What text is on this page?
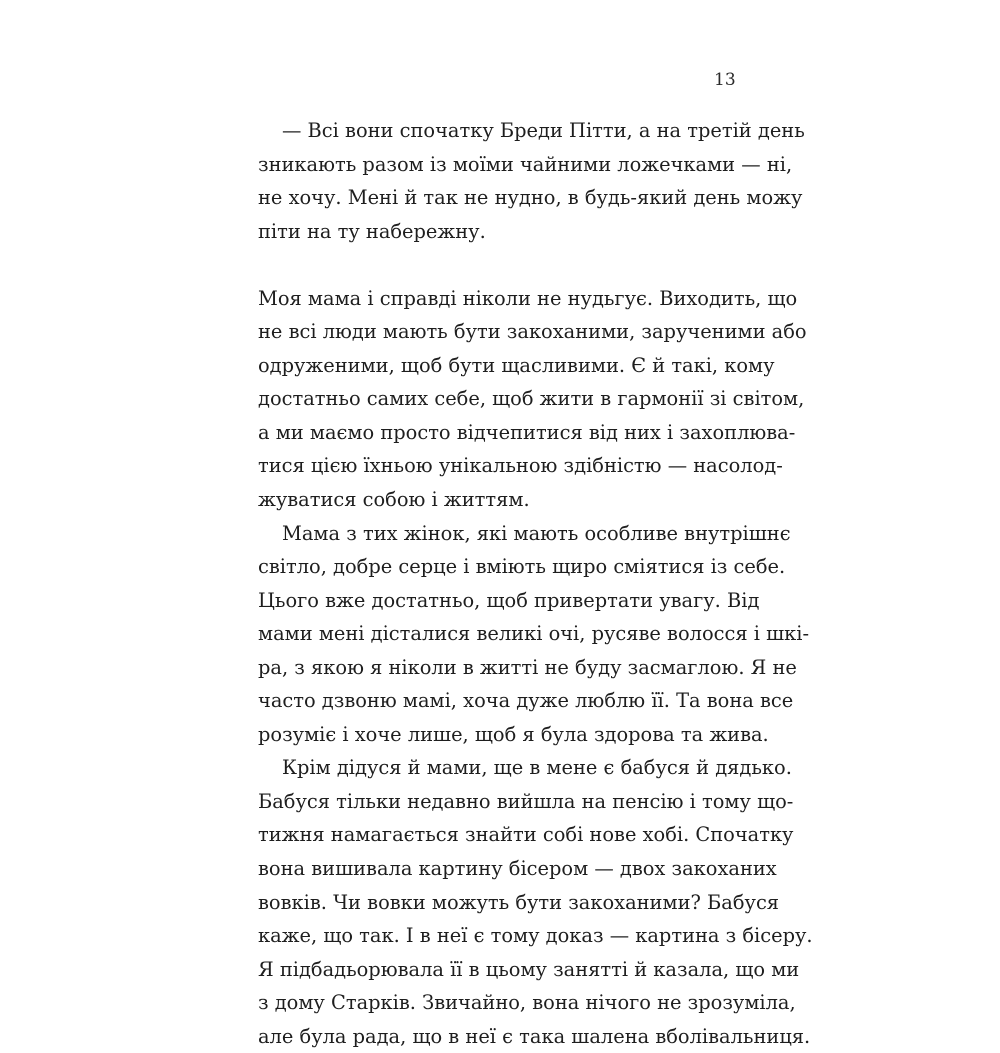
13
— Всі вони спочатку Бреди Пітти, а на третій день
зникають разом із моїми чайними ложечками — ні,
не хочу. Мені й так не нудно, в будь-який день можу
піти на ту набережну.
Моя мама і справді ніколи не нудьгує. Виходить, що
не всі люди мають бути закоханими, зарученими або
одруженими, щоб бути щасливими. Є й такі, кому
достатньо самих себе, щоб жити в гармонії зі світом,
а ми маємо просто відчепитися від них і захоплюва-
тися цією їхньою унікальною здібністю — насолод-
жуватися собою і життям.
Мама з тих жінок, які мають особливе внутрішнє
світло, добре серце і вміють щиро сміятися із себе.
Цього вже достатньо, щоб привертати увагу. Від
мами мені дісталися великі очі, русяве волосся і шкі-
ра, з якою я ніколи в житті не буду засмаглою. Я не
часто дзвоню мамі, хоча дуже люблю її. Та вона все
розуміє і хоче лише, щоб я була здорова та жива.
Крім дідуся й мами, ще в мене є бабуся й дядько.
Бабуся тільки недавно вийшла на пенсію і тому що-
тижня намагається знайти собі нове хобі. Спочатку
вона вишивала картину бісером — двох закоханих
вовків. Чи вовки можуть бути закоханими? Бабуся
каже, що так. І в неї є тому доказ — картина з бісеру.
Я підбадьорювала її в цьому занятті й казала, що ми
з дому Старків. Звичайно, вона нічого не зрозуміла,
але була рада, що в неї є така шалена вболівальниця.
